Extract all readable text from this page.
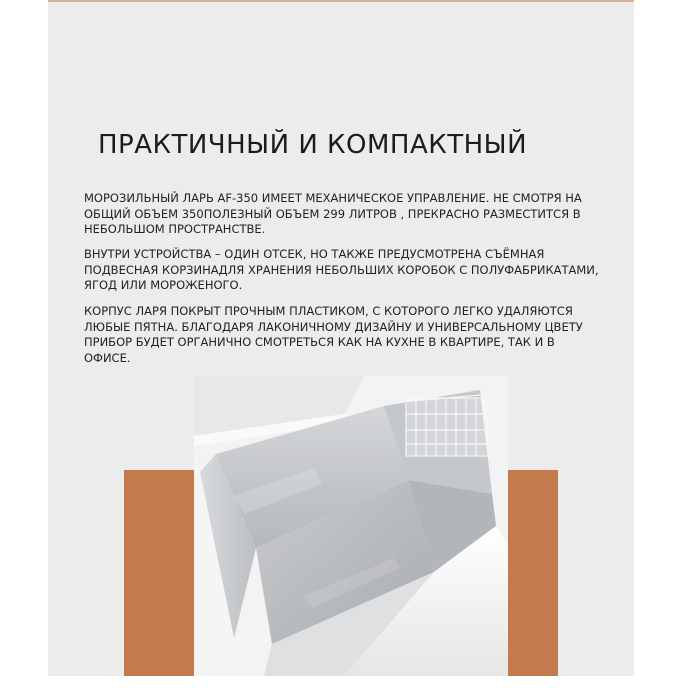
ПРАКТИЧНЫЙ И КОМПАКТНЫЙ

МОРОЗИЛЬНЫЙ ЛАРЬ AF-350 ИМЕЕТ МЕХАНИЧЕСКОЕ УПРАВЛЕНИЕ. НЕ СМОТРЯ НА ОБЩИЙ ОБЪЕМ 350ПОЛЕЗНЫЙ ОБЪЕМ 299 ЛИТРОВ , ПРЕКРАСНО РАЗМЕСТИТСЯ В НЕБОЛЬШОМ ПРОСТРАНСТВЕ.

ВНУТРИ УСТРОЙСТВА – ОДИН ОТСЕК, НО ТАКЖЕ ПРЕДУСМОТРЕНА СЪЁМНАЯ ПОДВЕСНАЯ КОРЗИНАДЛЯ ХРАНЕНИЯ НЕБОЛЬШИХ КОРОБОК С ПОЛУФАБРИКАТАМИ, ЯГОД ИЛИ МОРОЖЕНОГО.

КОРПУС ЛАРЯ ПОКРЫТ ПРОЧНЫМ ПЛАСТИКОМ, С КОТОРОГО ЛЕГКО УДАЛЯЮТСЯ ЛЮБЫЕ ПЯТНА. БЛАГОДАРЯ ЛАКОНИЧНОМУ ДИЗАЙНУ И УНИВЕРСАЛЬНОМУ ЦВЕТУ ПРИБОР БУДЕТ ОРГАНИЧНО СМОТРЕТЬСЯ КАК НА КУХНЕ В КВАРТИРЕ, ТАК И В ОФИСЕ.
